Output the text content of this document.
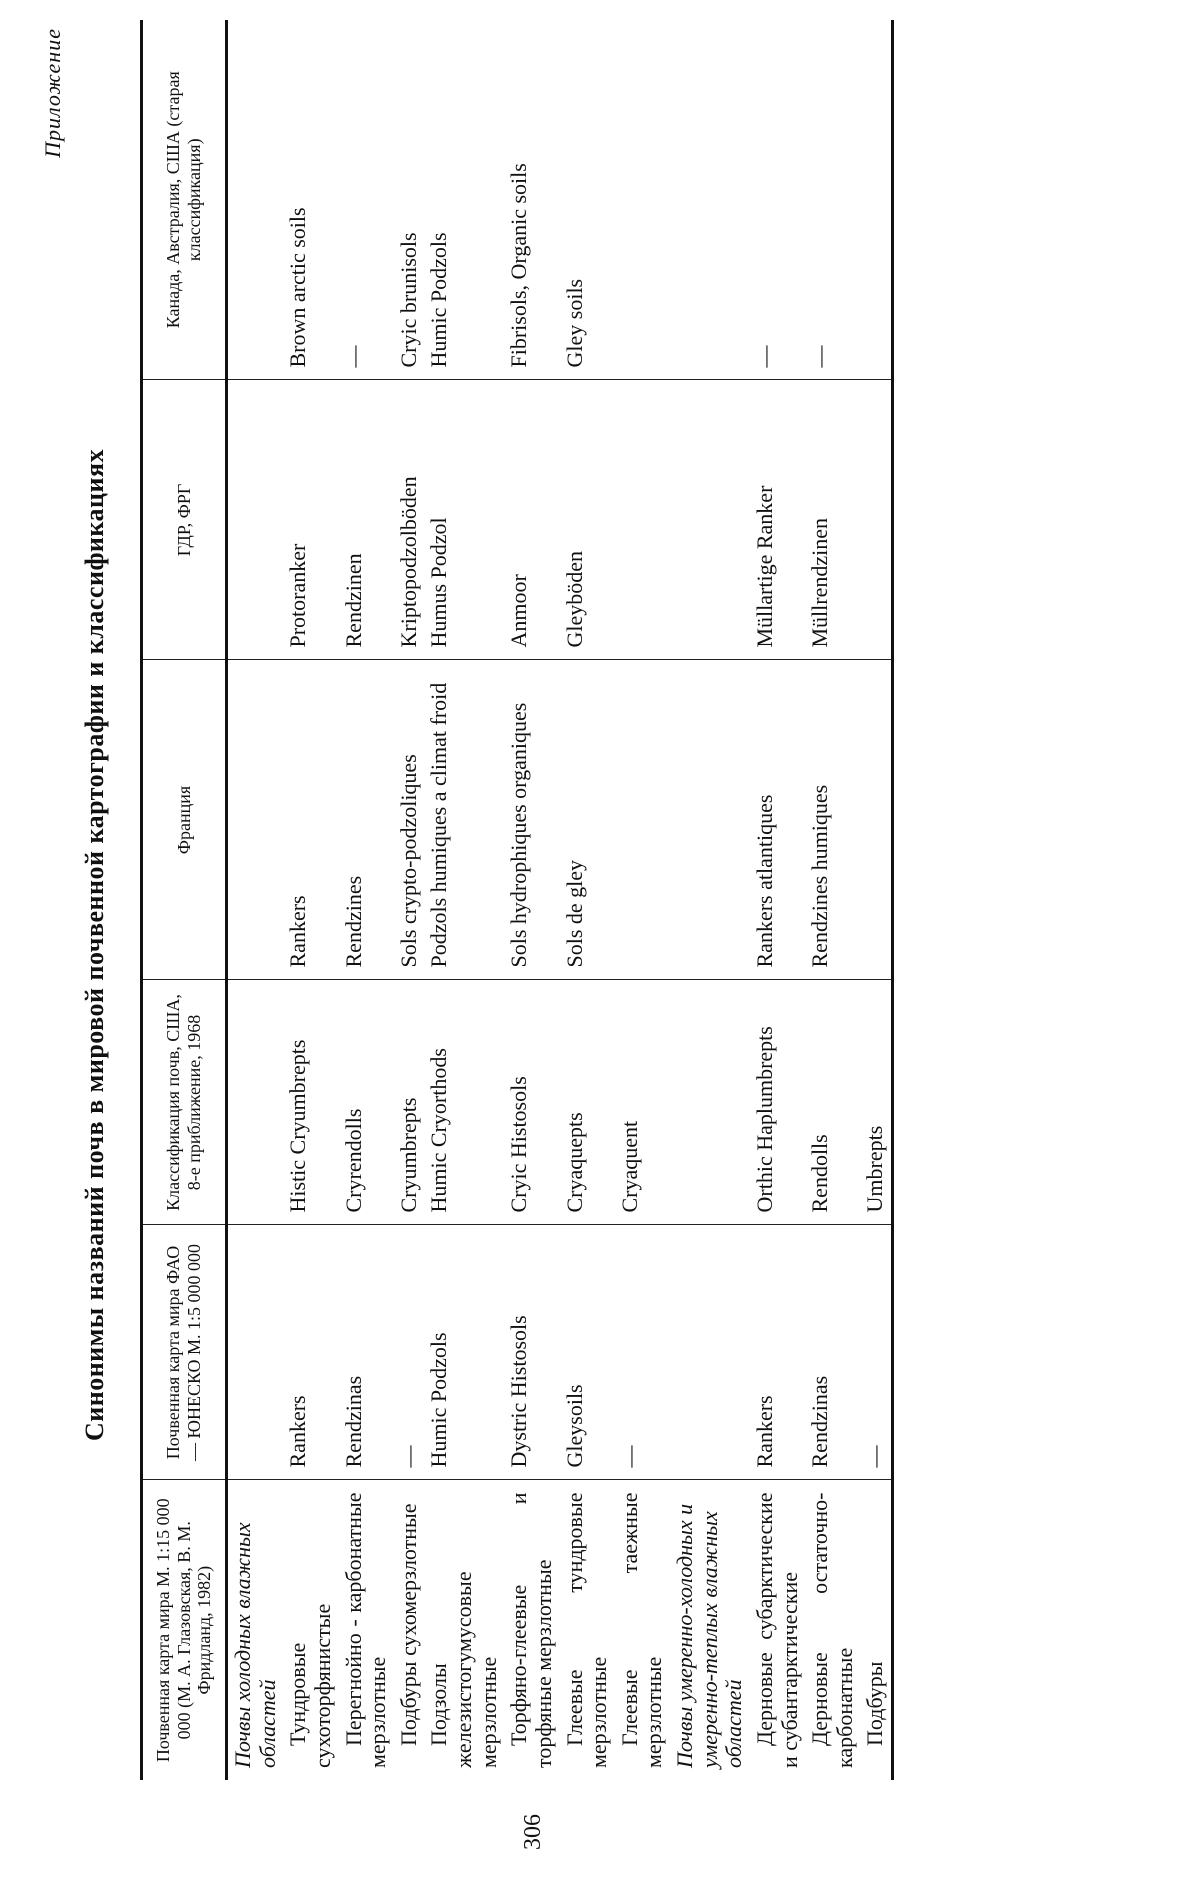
Приложение
Синонимы названий почв в мировой почвенной картографии и классификациях
Почвенная карта мира М. 1:15 000 000 (М. А. Глазовская, В. М. Фридланд, 1982)	Почвенная карта мира ФАО — ЮНЕСКО М. 1:5 000 000	Классификация почв, США, 8-е приближение, 1968	Франция	ГДР, ФРГ	Канада, Австралия, США (старая классификация)
Почвы холодных влажных областей					
Тундровые сухоторфянистые	Rankers	Histic Cryumbrepts	Rankers	Protoranker	Brown arctic soils
Перегнойно - карбонатные мерзлотные	Rendzinas	Cryrendolls	Rendzines	Rendzinen	—
Подбуры сухомерзлотные	—	Cryumbrepts	Sols crypto-podzoliques	Kriptopodzolböden	Cryic brunisols
Подзолы железистогумусовые мерзлотные	Humic Podzols	Humic Cryorthods	Podzols humiques a climat froid	Humus Podzol	Humic Podzols
Торфяно-глеевые и торфяные мерзлотные	Dystric Histosols	Cryic Histosols	Sols hydrophiques organiques	Anmoor	Fibrisols, Organic soils
Глеевые тундровые мерзлотные	Gleysoils	Cryaquepts	Sols de gley	Gleyböden	Gley soils
Глеевые таежные мерзлотные	—	Cryaquent			
Почвы умеренно-холодных и умеренно-теплых влажных областей					
Дерновые субарктические и субантарктические	Rankers	Orthic Haplumbrepts	Rankers atlantiques	Müllartige Ranker	—
Дерновые остаточно-карбонатные	Rendzinas	Rendolls	Rendzines humiques	Müllrendzinen	—
Подбуры	—	Umbrepts			
306
